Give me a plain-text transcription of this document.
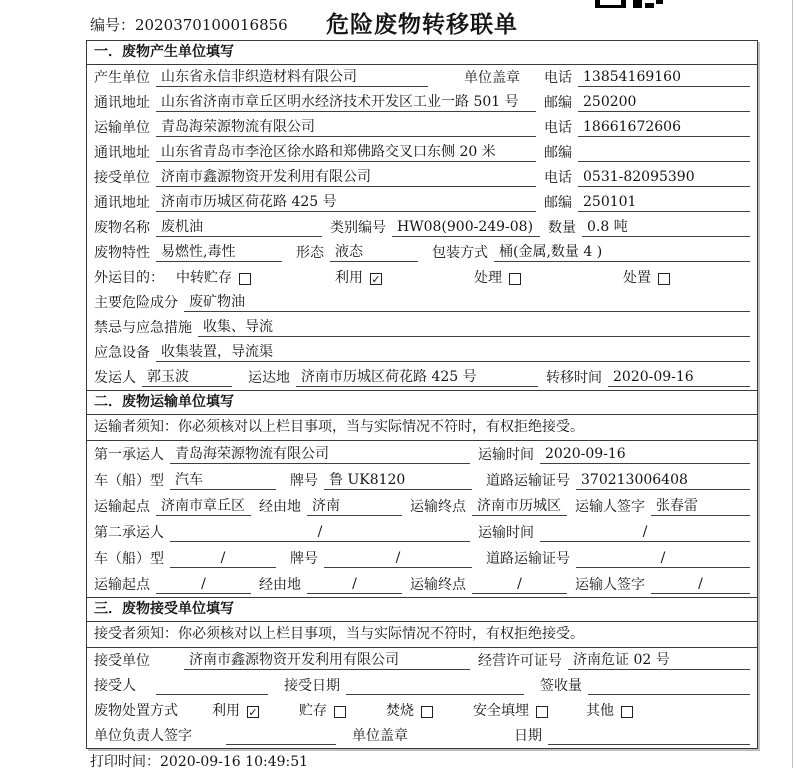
编号：2020370100016856	危险废物转移联单
一．废物产生单位填写
产生单位 山东省永信非织造材料有限公司	单位盖章 电话 13854169160
通讯地址 山东省济南市章丘区明水经济技术开发区工业一路 501 号	邮编 250200
运输单位 青岛海荣源物流有限公司	电话 18661672606
通讯地址 山东省青岛市李沧区徐水路和郑佛路交叉口东侧 20 米	邮编
接受单位 济南市鑫源物资开发利用有限公司	电话 0531-82095390
通讯地址 济南市历城区荷花路 425 号	邮编 250101
废物名称 废机油	类别编号 HW08(900-249-08)	数量 0.8 吨
废物特性 易燃性,毒性	形态 液态	包装方式 桶(金属,数量 4 )
外运目的： 中转贮存	利用 ✓	处理	处置
主要危险成分 废矿物油
禁忌与应急措施 收集、导流
应急设备 收集装置，导流渠
发运人 郭玉波	运达地 济南市历城区荷花路 425 号	转移时间 2020-09-16
二．废物运输单位填写
运输者须知：你必须核对以上栏目事项，当与实际情况不符时，有权拒绝接受。
第一承运人 青岛海荣源物流有限公司	运输时间 2020-09-16
车（船）型 汽车	牌号 鲁 UK8120	道路运输证号 370213006408
运输起点 济南市章丘区	经由地 济南	运输终点 济南市历城区	运输人签字 张春雷
第二承运人	/	运输时间	/
车（船）型	/	牌号	/	道路运输证号	/
运输起点	/	经由地	/	运输终点	/	运输人签字	/
三．废物接受单位填写
接受者须知：你必须核对以上栏目事项，当与实际情况不符时，有权拒绝接受。
接受单位	济南市鑫源物资开发利用有限公司	经营许可证号 济南危证 02 号
接受人	接受日期	签收量
废物处置方式 利用 ✓	贮存	焚烧	安全填埋	其他
单位负责人签字	单位盖章	日期
打印时间：2020-09-16 10:49:51
